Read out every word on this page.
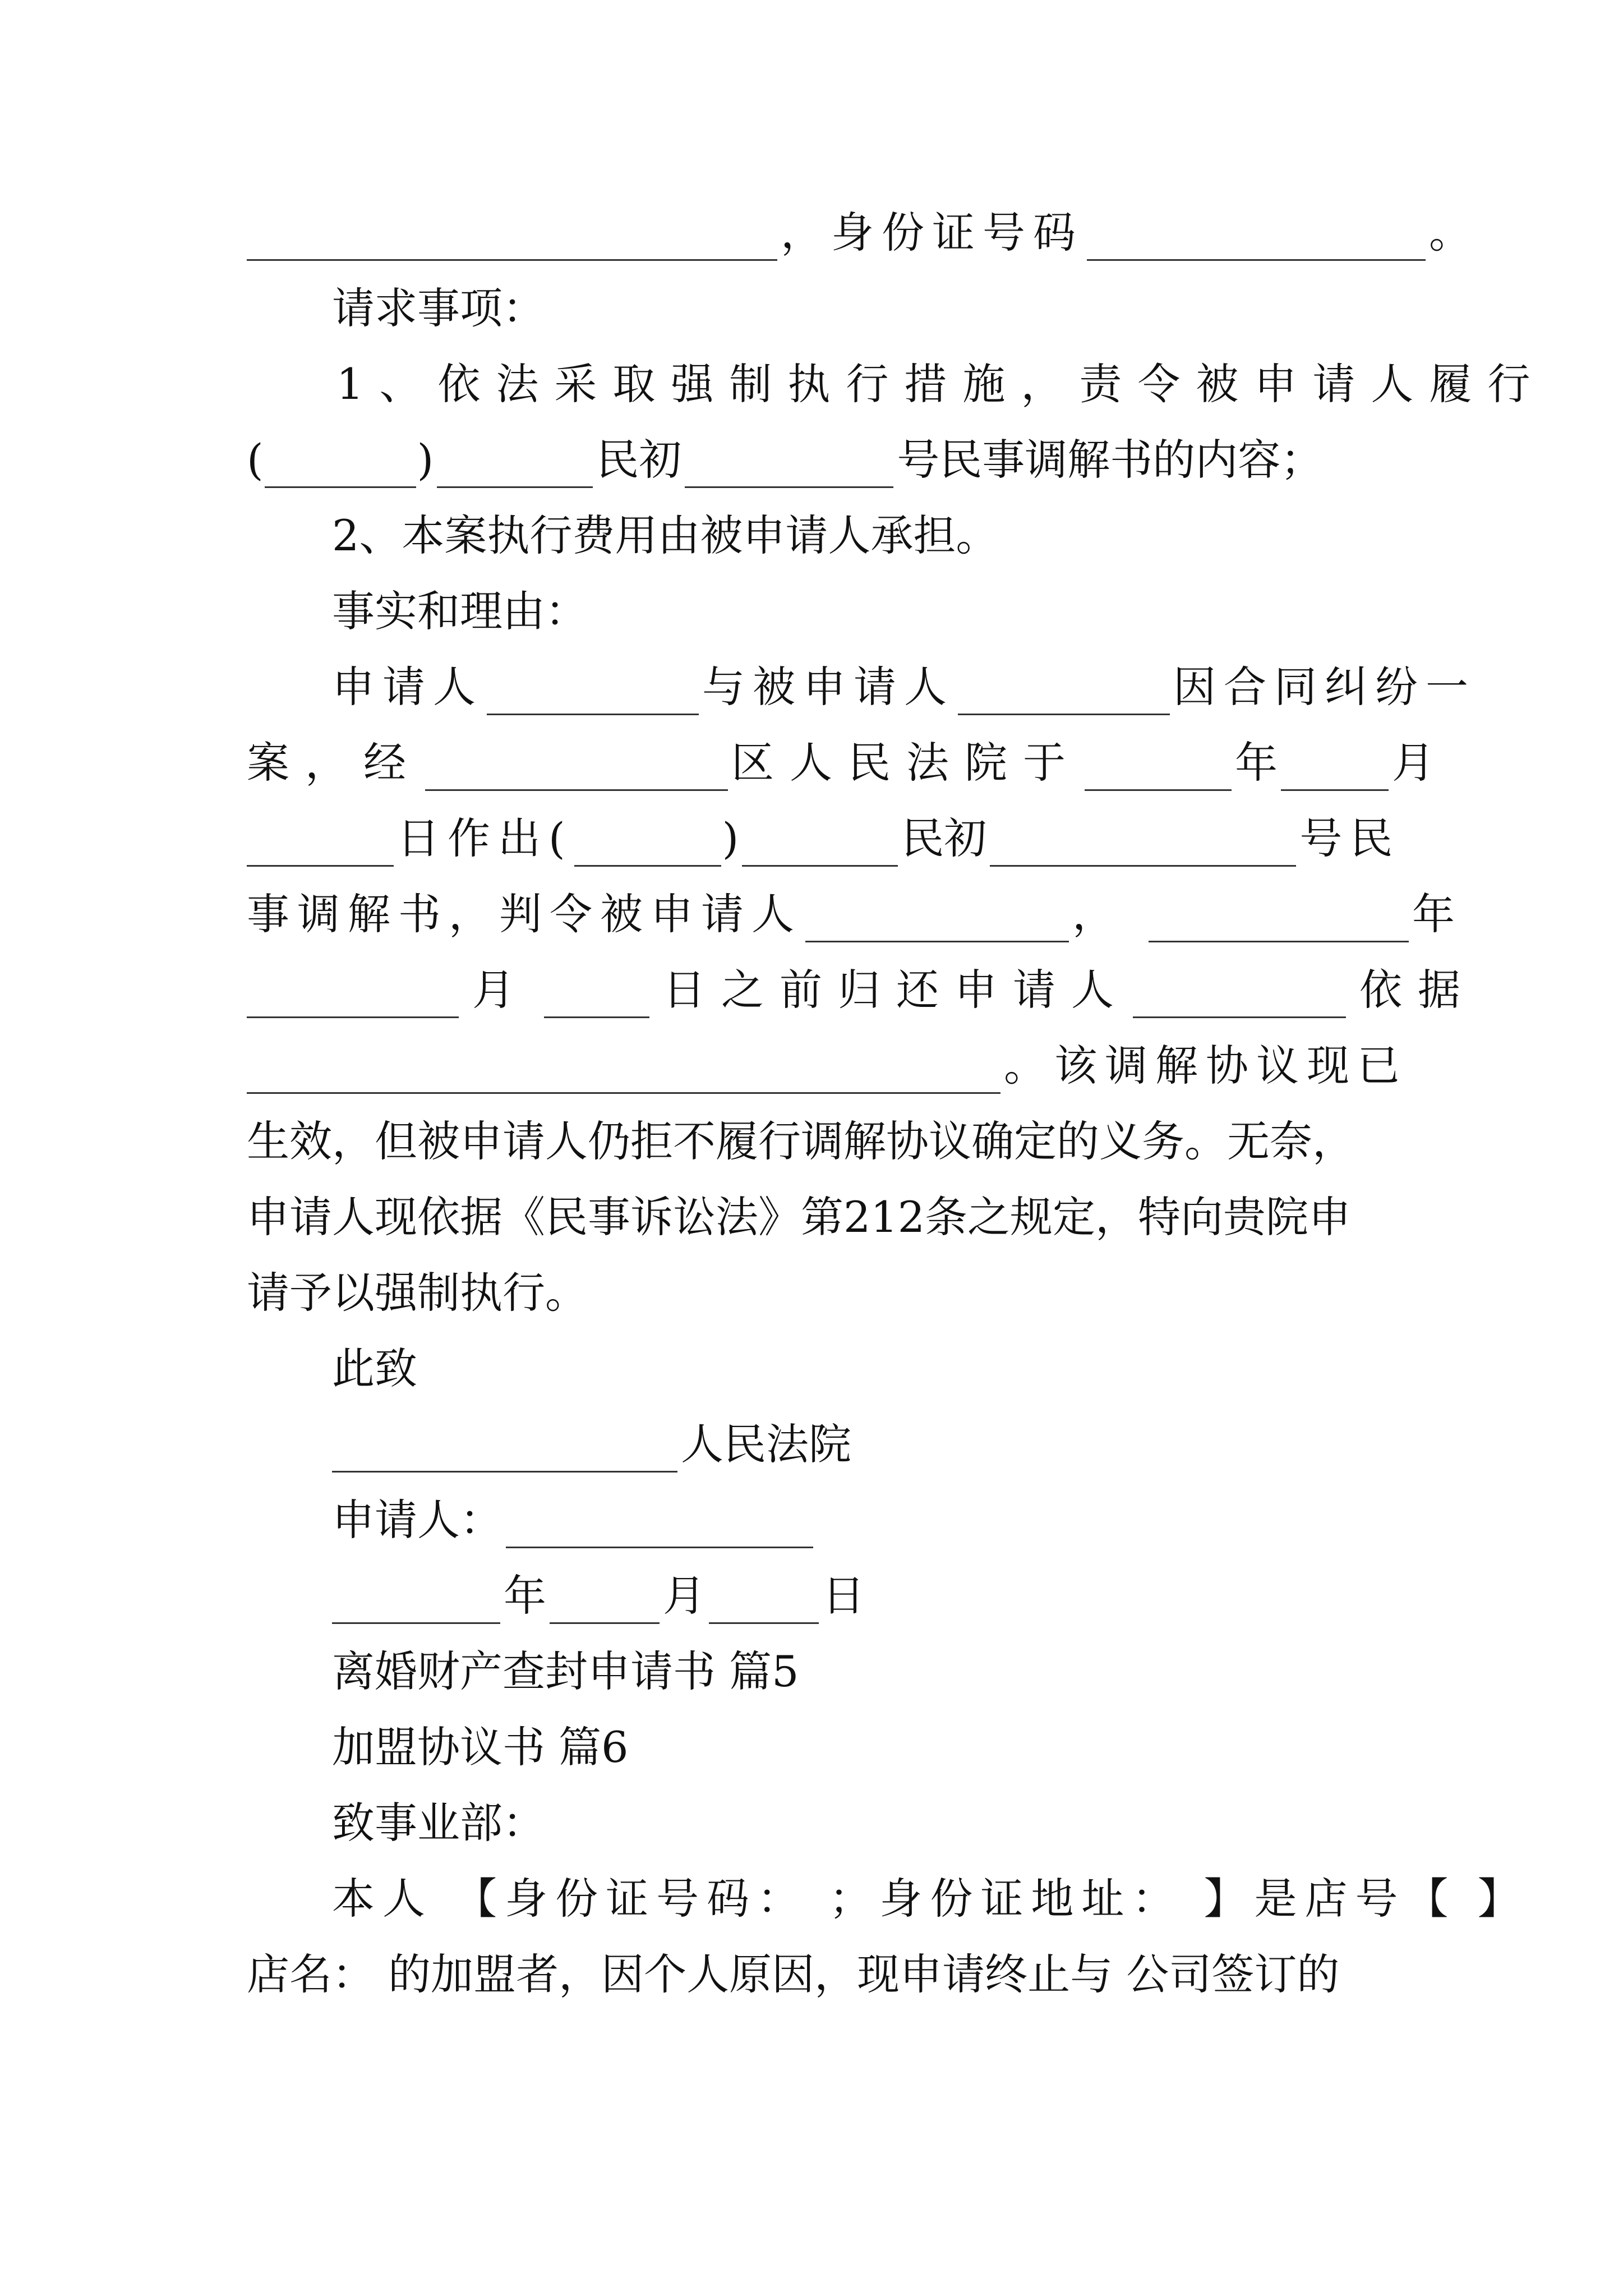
，身份证号码	。
请求事项：
1、依法采取强制执行措施，责令被申请人履行
(	)	民初	号民事调解书的内容；
2、本案执行费用由被申请人承担。
事实和理由：
申请人	与被申请人	因合同纠纷一
案，经	区人民法院于	年	月
日作出(	)	民初	号民
事调解书，判令被申请人	，	年
月	日之前归还申请人	依据
。该调解协议现已
生效，但被申请人仍拒不履行调解协议确定的义务。无奈，
申请人现依据《民事诉讼法》第212条之规定，特向贵院申
请予以强制执行。
此致
人民法院
申请人：
年	月	日
离婚财产查封申请书 篇5
加盟协议书 篇6
致事业部：
本人 【身份证号码： ；身份证地址： 】是店号【 】
店名： 的加盟者，因个人原因，现申请终止与 公司签订的
